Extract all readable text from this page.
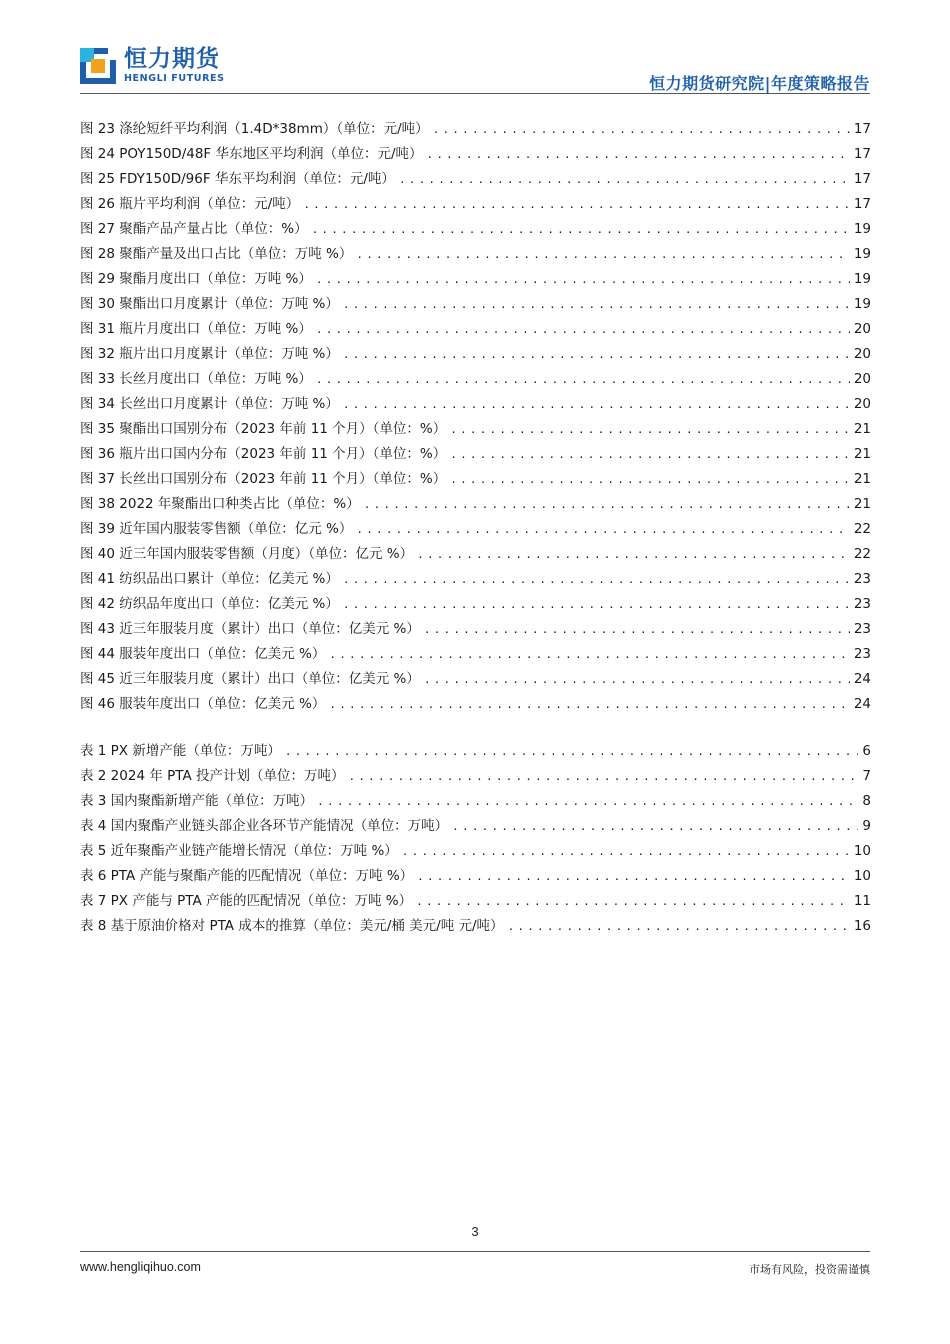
恒力期货
HENGLI FUTURES	恒力期货研究院|年度策略报告
图 23 涤纶短纤平均利润（1.4D*38mm）（单位：元/吨） .....	17
图 24 POY150D/48F 华东地区平均利润（单位：元/吨） .....	17
图 25 FDY150D/96F 华东平均利润（单位：元/吨） .....	17
图 26 瓶片平均利润（单位：元/吨） .....	17
图 27 聚酯产品产量占比（单位：%） .....	19
图 28 聚酯产量及出口占比（单位：万吨 %） .....	19
图 29 聚酯月度出口（单位：万吨 %） .....	19
图 30 聚酯出口月度累计（单位：万吨 %） .....	19
图 31 瓶片月度出口（单位：万吨 %） .....	20
图 32 瓶片出口月度累计（单位：万吨 %） .....	20
图 33 长丝月度出口（单位：万吨 %） .....	20
图 34 长丝出口月度累计（单位：万吨 %） .....	20
图 35 聚酯出口国别分布（2023 年前 11 个月）（单位：%） .....	21
图 36 瓶片出口国内分布（2023 年前 11 个月）（单位：%） .....	21
图 37 长丝出口国别分布（2023 年前 11 个月）（单位：%） .....	21
图 38 2022 年聚酯出口种类占比（单位：%） .....	21
图 39 近年国内服装零售额（单位：亿元 %） .....	22
图 40 近三年国内服装零售额（月度）（单位：亿元 %） .....	22
图 41 纺织品出口累计（单位：亿美元 %） .....	23
图 42 纺织品年度出口（单位：亿美元 %） .....	23
图 43 近三年服装月度（累计）出口（单位：亿美元 %） .....	23
图 44 服装年度出口（单位：亿美元 %） .....	23
图 45 近三年服装月度（累计）出口（单位：亿美元 %） .....	24
图 46 服装年度出口（单位：亿美元 %） .....	24
表 1 PX 新增产能（单位：万吨） .....	6
表 2 2024 年 PTA 投产计划（单位：万吨） .....	7
表 3 国内聚酯新增产能（单位：万吨） .....	8
表 4 国内聚酯产业链头部企业各环节产能情况（单位：万吨） .....	9
表 5 近年聚酯产业链产能增长情况（单位：万吨 %） .....	10
表 6 PTA 产能与聚酯产能的匹配情况（单位：万吨 %） .....	10
表 7 PX 产能与 PTA 产能的匹配情况（单位：万吨 %） .....	11
表 8 基于原油价格对 PTA 成本的推算（单位：美元/桶 美元/吨 元/吨） .....	16
3
www.hengliqihuo.com	市场有风险，投资需谨慎
